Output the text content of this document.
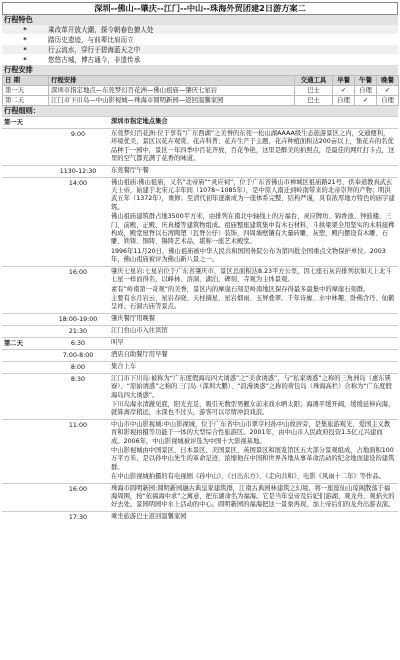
深圳--佛山--肇庆--江门--中山--珠海外贸团建2日游方案二
行程特色
*	乘改革开放大潮，探今朝春色撩人处
*	踏历史遗迹，与前辈比肩而立
*	行云流水，穿行于碧海蓝天之中
*	悠悠古城，博古通今，非遗传承
行程安排
日 期	行程安排	交通工具	早餐	午餐	晚餐
第一天	深圳市指定地点—东莞梦幻百花洲—佛山祖庙—肇庆七星岩	巴士	✓	自理	✓
第二天	江门市下川岛—中山影视城—珠海市圆明新园—返回温馨家园	巴士	自理	✓	自理
行程细则：
第一天	深圳市指定地点集合

9:00	东莞梦幻百花洲:位于享有“广东西湖”之美誉的东莞一松山湖AAAA级生态旅游景区之内，交通便利，环境优美，景区以花卉观赏、花卉科普、花卉生产于主题，花卉种植面积达200亩以上，集花卉的名优品种于一园中，景区一年四季中百花齐放，百花争艳，这里是醉美的拍照点，是最佳的网红打卡点，这里的空气都充满了花香的味道。

1130-12:30	东莞餐厅午餐

14:00	佛山祖庙:佛山祖庙，又名“北帝庙”“灵应祠”，位于广东省佛山市禅城区祖庙路21号，供奉道教真武玄天上帝，始建于北宋元丰年间（1078~1085年），是中原人南迁到岭南带来的北帝崇拜的产物；明洪武五年（1372年），重修；至清代初年逐渐成为一座体系完整、结构严谨，具有浓厚地方特色的庙宇建筑。

佛山祖庙建筑群占地3500平方米，由排列在南北中轴线上的万福台、灵应牌坊、锦香池、钟鼓楼、三门、前殿、正殿、庆真楼等建筑物组成。祖庙整座建筑集中有木石材料，斗拱梁架全用坚实的木料接榫构成，殿堂屋脊以石湾陶塑（瓦脊公仔）装饰，四周墙壁镶有大量砖雕、灰塑，殿内摆设有木雕、石雕、铁铸、铜铸、锡铸艺术品，堪称一座艺术殿堂。

1996年11月20日，佛山祖庙被中华人民共和国国务院公布为第四批全国重点文物保护单位。2003年，佛山祖庙被评为佛山新八景之一。

16:00	肇庆七星岩:七星岩位于广东省肇庆市，景区总面积达8.23平方公里，因七座石灰岩排列状如天上北斗七星一样而得名，以峰林、溶洞、湖泊、碑刻、寺观为主体景观。

素有“岭南第一奇观”的美誉，景区内的摩崖石刻是岭南地区保存得最多最集中的摩崖石刻群。

主要有水月岩云、星岩春晓、天柱摘星、星岩烟雨、玉屏叠翠、千年诗廊、水中林趣、卧佛含丹、仙鹤呈祥、石洞古庙等景点。

18:00-19:00	肇庆餐厅用晚餐

21:30	江门台山市入住宾馆

第二天	6:30	叫早

7:00-8:00	酒店自助餐厅用早餐

8:00	集合上车

8:30	江门市下川岛:被称为“广东度假海岛四大诱惑”之“美食诱惑”，与“私家诱惑”之称的三角洲岛（惠东巽寮）、“原始诱惑”之称的三门岛（深圳大鹏）、“浪漫诱惑”之称的荷包岛（珠海高栏）合称为“广东度假海岛四大诱惑”。

下川岛海水清澈见底，阳光充足，吸引无数型男靓女前来戏水晒太阳；海滩平缓开阔，缓缓延伸向海，就算离岸稍远，水深也不过头，游客可以尽情冲浪戏浪。

11:00	中山市中山影视城:中山影视城，位于广东省中山市翠亨村孙中山故居旁，是集旅游观光、爱国主义教育和影视拍摄等功能于一体的大型综合性旅游区。2001年，由中山市人民政府投资1.5亿元兴建而成。2006年，中山影视城被评选为中国十大影视基地。

中山影视城由中国景区、日本景区、美国景区、英国景区和展览馆区五大部分景观组成，占地面积100万平方米，是以孙中山先生的革命足迹、浓缩他在中国和世界各地从事革命活动的纪念地而建设的建筑群。

在中山影视城拍摄的有电视剧《孙中山》、《日出东方》、《走向共和》、电影《风雨十二年》等作品。

16:00	珠海市圆明新园:圆明新园融古典皇家建筑群，江南古典园林建筑之幻境，将一座座仙山琼阁散落于福海周围，按“依福海中求”之寓意，把东湖命名为福海。它是当年皇帝及后妃们游湖、观龙舟、观焰火的好去处。景园明园中水上活动的中心。圆明新园的福海把这一景象再现，加上帝后们的龙舟出游表演。

17:30	乘坐旅游巴士返回温馨家园
